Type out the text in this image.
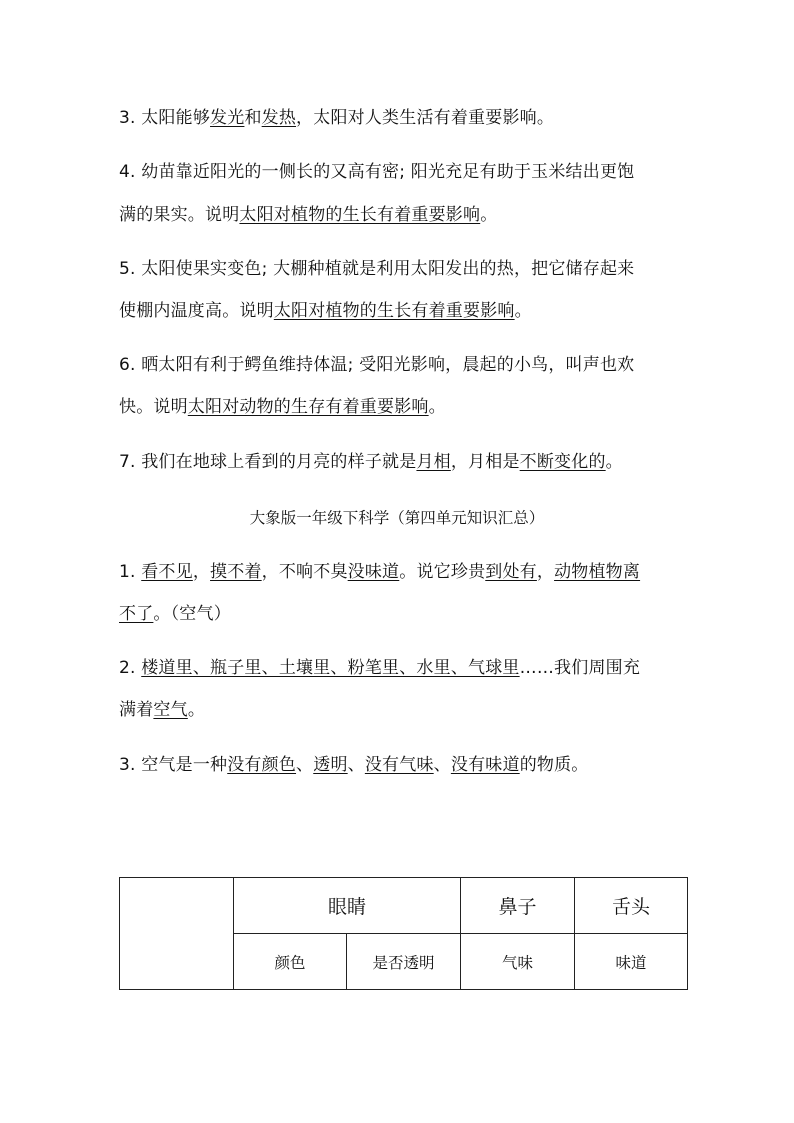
3. 太阳能够发光和发热，太阳对人类生活有着重要影响。
4. 幼苗靠近阳光的一侧长的又高有密; 阳光充足有助于玉米结出更饱
满的果实。说明太阳对植物的生长有着重要影响。
5. 太阳使果实变色; 大棚种植就是利用太阳发出的热，把它储存起来
使棚内温度高。说明太阳对植物的生长有着重要影响。
6. 晒太阳有利于鳄鱼维持体温; 受阳光影响，晨起的小鸟，叫声也欢
快。说明太阳对动物的生存有着重要影响。
7. 我们在地球上看到的月亮的样子就是月相，月相是不断变化的。
大象版一年级下科学（第四单元知识汇总）
1. 看不见，摸不着，不响不臭没味道。说它珍贵到处有，动物植物离
不了。（空气）
2. 楼道里、瓶子里、土壤里、粉笔里、水里、气球里……我们周围充
满着空气。
3. 空气是一种没有颜色、透明、没有气味、没有味道的物质。
	眼睛		鼻子	舌头
	颜色	是否透明	气味	味道
